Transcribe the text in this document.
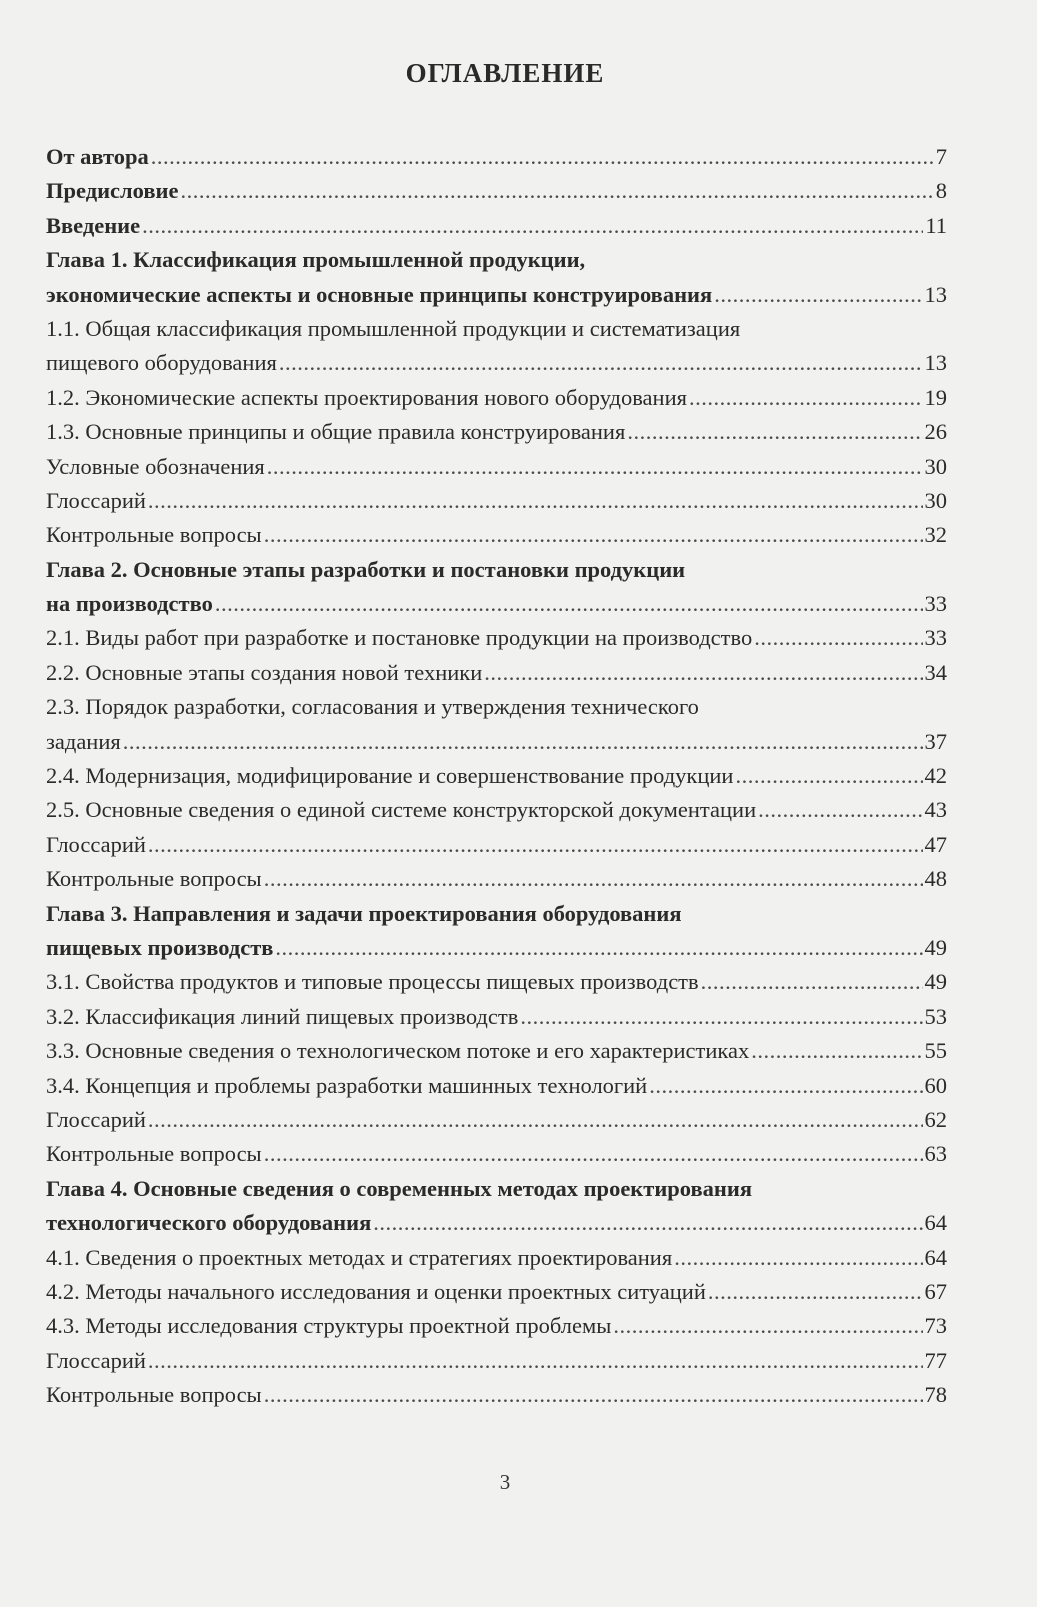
ОГЛАВЛЕНИЕ
От автора .....	7
Предисловие .....	8
Введение .....	11
Глава 1. Классификация промышленной продукции,
экономические аспекты и основные принципы конструирования .....	13
1.1. Общая классификация промышленной продукции и систематизация
пищевого оборудования .....	13
1.2. Экономические аспекты проектирования нового оборудования .....	19
1.3. Основные принципы и общие правила конструирования .....	26
Условные обозначения .....	30
Глоссарий .....	30
Контрольные вопросы .....	32
Глава 2. Основные этапы разработки и постановки продукции
на производство .....	33
2.1. Виды работ при разработке и постановке продукции на производство .....	33
2.2. Основные этапы создания новой техники .....	34
2.3. Порядок разработки, согласования и утверждения технического
задания .....	37
2.4. Модернизация, модифицирование и совершенствование продукции .....	42
2.5. Основные сведения о единой системе конструкторской документации .....	43
Глоссарий .....	47
Контрольные вопросы .....	48
Глава 3. Направления и задачи проектирования оборудования
пищевых производств .....	49
3.1. Свойства продуктов и типовые процессы пищевых производств .....	49
3.2. Классификация линий пищевых производств .....	53
3.3. Основные сведения о технологическом потоке и его характеристиках .....	55
3.4. Концепция и проблемы разработки машинных технологий .....	60
Глоссарий .....	62
Контрольные вопросы .....	63
Глава 4. Основные сведения о современных методах проектирования
технологического оборудования .....	64
4.1. Сведения о проектных методах и стратегиях проектирования .....	64
4.2. Методы начального исследования и оценки проектных ситуаций .....	67
4.3. Методы исследования структуры проектной проблемы .....	73
Глоссарий .....	77
Контрольные вопросы .....	78
3
